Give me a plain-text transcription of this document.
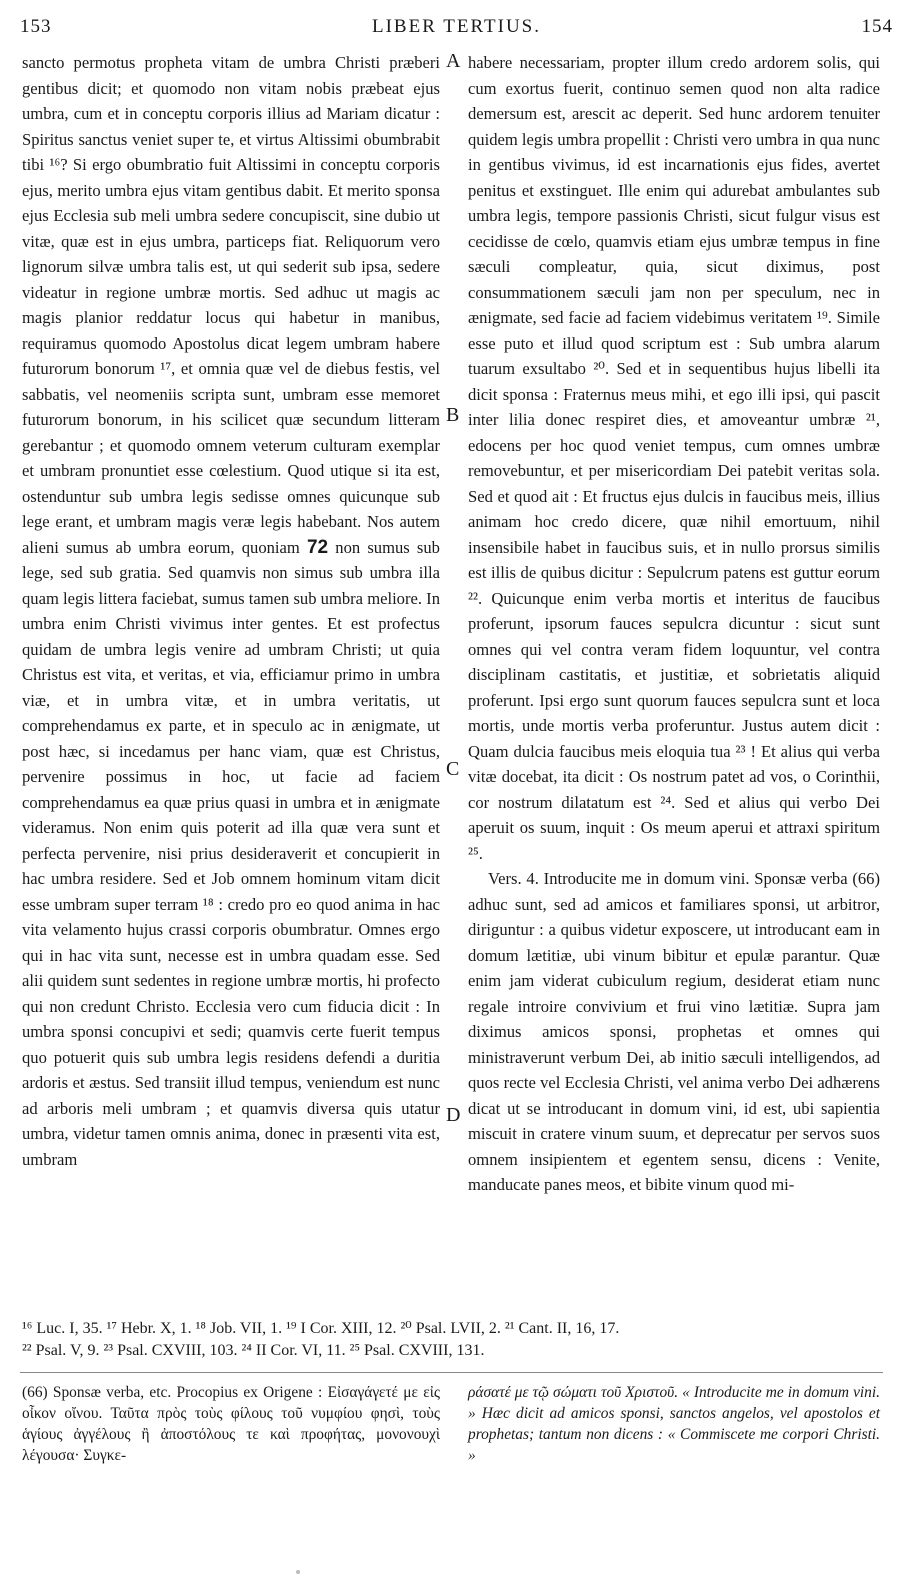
153	LIBER TERTIUS.	154

sancto permotus propheta vitam de umbra Christi præberi gentibus dicit; et quomodo non vitam nobis præbeat ejus umbra, cum et in conceptu corporis illius ad Mariam dicatur : Spiritus sanctus veniet super te, et virtus Altissimi obumbrabit tibi ¹⁶? Si ergo obumbratio fuit Altissimi in conceptu corporis ejus, merito umbra ejus vitam gentibus dabit. Et merito sponsa ejus Ecclesia sub meli umbra sedere concupiscit, sine dubio ut vitæ, quæ est in ejus umbra, particeps fiat. Reliquorum vero lignorum silvæ umbra talis est, ut qui sederit sub ipsa, sedere videatur in regione umbræ mortis. Sed adhuc ut magis ac magis planior reddatur locus qui habetur in manibus, requiramus quomodo Apostolus dicat legem umbram habere futurorum bonorum ¹⁷, et omnia quæ vel de diebus festis, vel sabbatis, vel neomeniis scripta sunt, umbram esse memoret futurorum bonorum, in his scilicet quæ secundum litteram gerebantur ; et quomodo omnem veterum culturam exemplar et umbram pronuntiet esse cœlestium. Quod utique si ita est, ostenduntur sub umbra legis sedisse omnes quicunque sub lege erant, et umbram magis veræ legis habebant. Nos autem alieni sumus ab umbra eorum, quoniam 72 non sumus sub lege, sed sub gratia. Sed quamvis non simus sub umbra illa quam legis littera faciebat, sumus tamen sub umbra meliore. In umbra enim Christi vivimus inter gentes. Et est profectus quidam de umbra legis venire ad umbram Christi; ut quia Christus est vita, et veritas, et via, efficiamur primo in umbra viæ, et in umbra vitæ, et in umbra veritatis, ut comprehendamus ex parte, et in speculo ac in ænigmate, ut post hæc, si incedamus per hanc viam, quæ est Christus, pervenire possimus in hoc, ut facie ad faciem comprehendamus ea quæ prius quasi in umbra et in ænigmate videramus. Non enim quis poterit ad illa quæ vera sunt et perfecta pervenire, nisi prius desideraverit et concupierit in hac umbra residere. Sed et Job omnem hominum vitam dicit esse umbram super terram ¹⁸ : credo pro eo quod anima in hac vita velamento hujus crassi corporis obumbratur. Omnes ergo qui in hac vita sunt, necesse est in umbra quadam esse. Sed alii quidem sunt sedentes in regione umbræ mortis, hi profecto qui non credunt Christo. Ecclesia vero cum fiducia dicit : In umbra sponsi concupivi et sedi; quamvis certe fuerit tempus quo potuerit quis sub umbra legis residens defendi a duritia ardoris et æstus. Sed transiit illud tempus, veniendum est nunc ad arboris meli umbram ; et quamvis diversa quis utatur umbra, videtur tamen omnis anima, donec in præsenti vita est, umbram

A
B
C
D

habere necessariam, propter illum credo ardorem solis, qui cum exortus fuerit, continuo semen quod non alta radice demersum est, arescit ac deperit. Sed hunc ardorem tenuiter quidem legis umbra propellit : Christi vero umbra in qua nunc in gentibus vivimus, id est incarnationis ejus fides, avertet penitus et exstinguet. Ille enim qui adurebat ambulantes sub umbra legis, tempore passionis Christi, sicut fulgur visus est cecidisse de cœlo, quamvis etiam ejus umbræ tempus in fine sæculi compleatur, quia, sicut diximus, post consummationem sæculi jam non per speculum, nec in ænigmate, sed facie ad faciem videbimus veritatem ¹⁹. Simile esse puto et illud quod scriptum est : Sub umbra alarum tuarum exsultabo ²⁰. Sed et in sequentibus hujus libelli ita dicit sponsa : Fraternus meus mihi, et ego illi ipsi, qui pascit inter lilia donec respiret dies, et amoveantur umbræ ²¹, edocens per hoc quod veniet tempus, cum omnes umbræ removebuntur, et per misericordiam Dei patebit veritas sola. Sed et quod ait : Et fructus ejus dulcis in faucibus meis, illius animam hoc credo dicere, quæ nihil emortuum, nihil insensibile habet in faucibus suis, et in nullo prorsus similis est illis de quibus dicitur : Sepulcrum patens est guttur eorum ²². Quicunque enim verba mortis et interitus de faucibus proferunt, ipsorum fauces sepulcra dicuntur : sicut sunt omnes qui vel contra veram fidem loquuntur, vel contra disciplinam castitatis, et justitiæ, et sobrietatis aliquid proferunt. Ipsi ergo sunt quorum fauces sepulcra sunt et loca mortis, unde mortis verba proferuntur. Justus autem dicit : Quam dulcia faucibus meis eloquia tua ²³ ! Et alius qui verba vitæ docebat, ita dicit : Os nostrum patet ad vos, o Corinthii, cor nostrum dilatatum est ²⁴. Sed et alius qui verbo Dei aperuit os suum, inquit : Os meum aperui et attraxi spiritum ²⁵.

Vers. 4. Introducite me in domum vini. Sponsæ verba (66) adhuc sunt, sed ad amicos et familiares sponsi, ut arbitror, diriguntur : a quibus videtur exposcere, ut introducant eam in domum lætitiæ, ubi vinum bibitur et epulæ parantur. Quæ enim jam viderat cubiculum regium, desiderat etiam nunc regale introire convivium et frui vino lætitiæ. Supra jam diximus amicos sponsi, prophetas et omnes qui ministraverunt verbum Dei, ab initio sæculi intelligendos, ad quos recte vel Ecclesia Christi, vel anima verbo Dei adhærens dicat ut se introducant in domum vini, id est, ubi sapientia miscuit in cratere vinum suum, et deprecatur per servos suos omnem insipientem et egentem sensu, dicens : Venite, manducate panes meos, et bibite vinum quod mi-

¹⁶ Luc. I, 35. ¹⁷ Hebr. X, 1. ¹⁸ Job. VII, 1. ¹⁹ I Cor. XIII, 12. ²⁰ Psal. LVII, 2. ²¹ Cant. II, 16, 17.
²² Psal. V, 9. ²³ Psal. CXVIII, 103. ²⁴ II Cor. VI, 11. ²⁵ Psal. CXVIII, 131.
(66) Sponsæ verba, etc. Procopius ex Origene : Εἰσαγάγετέ με εἰς οἶκον οἴνου. Ταῦτα πρὸς τοὺς φίλους τοῦ νυμφίου φησὶ, τοὺς ἁγίους ἀγγέλους ἢ ἀποστόλους τε καὶ προφήτας, μονονουχὶ λέγουσα· Συγκε-
ράσατέ με τῷ σώματι τοῦ Χριστοῦ. « Introducite me in domum vini. » Hæc dicit ad amicos sponsi, sanctos angelos, vel apostolos et prophetas; tantum non dicens : « Commiscete me corpori Christi. »
